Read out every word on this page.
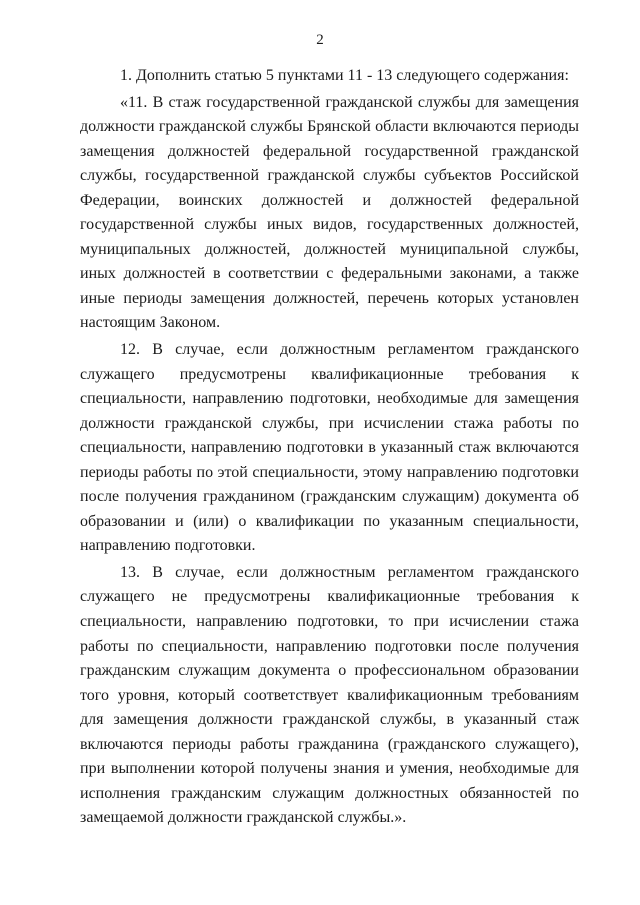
2

1. Дополнить статью 5 пунктами 11 - 13 следующего содержания:

«11. В стаж государственной гражданской службы для замещения должности гражданской службы Брянской области включаются периоды замещения должностей федеральной государственной гражданской службы, государственной гражданской службы субъектов Российской Федерации, воинских должностей и должностей федеральной государственной службы иных видов, государственных должностей, муниципальных должностей, должностей муниципальной службы, иных должностей в соответствии с федеральными законами, а также иные периоды замещения должностей, перечень которых установлен настоящим Законом.

12. В случае, если должностным регламентом гражданского служащего предусмотрены квалификационные требования к специальности, направлению подготовки, необходимые для замещения должности гражданской службы, при исчислении стажа работы по специальности, направлению подготовки в указанный стаж включаются периоды работы по этой специальности, этому направлению подготовки после получения гражданином (гражданским служащим) документа об образовании и (или) о квалификации по указанным специальности, направлению подготовки.

13. В случае, если должностным регламентом гражданского служащего не предусмотрены квалификационные требования к специальности, направлению подготовки, то при исчислении стажа работы по специальности, направлению подготовки после получения гражданским служащим документа о профессиональном образовании того уровня, который соответствует квалификационным требованиям для замещения должности гражданской службы, в указанный стаж включаются периоды работы гражданина (гражданского служащего), при выполнении которой получены знания и умения, необходимые для исполнения гражданским служащим должностных обязанностей по замещаемой должности гражданской службы.».
